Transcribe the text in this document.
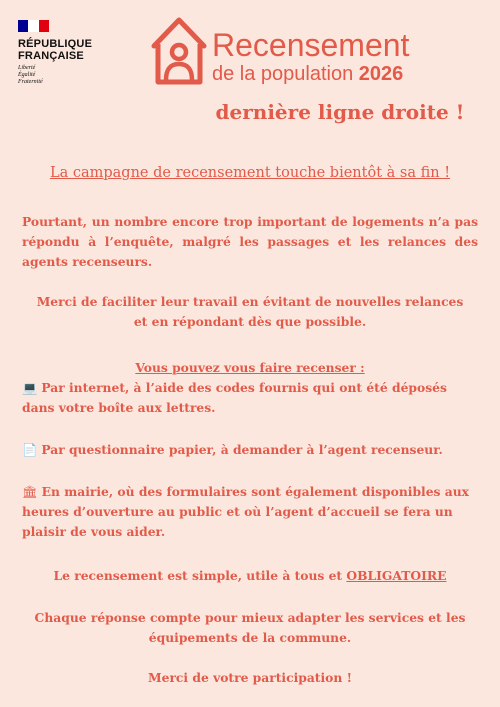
RÉPUBLIQUE
FRANÇAISE
Liberté
Égalité
Fraternité
Recensement
de la population 2026
dernière ligne droite !
La campagne de recensement touche bientôt à sa fin !
Pourtant, un nombre encore trop important de logements n’a pas répondu à l’enquête, malgré les passages et les relances des agents recenseurs.
Merci de faciliter leur travail en évitant de nouvelles relances
et en répondant dès que possible.
Vous pouvez vous faire recenser :
💻 Par internet, à l’aide des codes fournis qui ont été déposés dans votre boîte aux lettres.
📄 Par questionnaire papier, à demander à l’agent recenseur.
🏛 En mairie, où des formulaires sont également disponibles aux heures d’ouverture au public et où l’agent d’accueil se fera un plaisir de vous aider.
Le recensement est simple, utile à tous et OBLIGATOIRE
Chaque réponse compte pour mieux adapter les services et les
équipements de la commune.
Merci de votre participation !
